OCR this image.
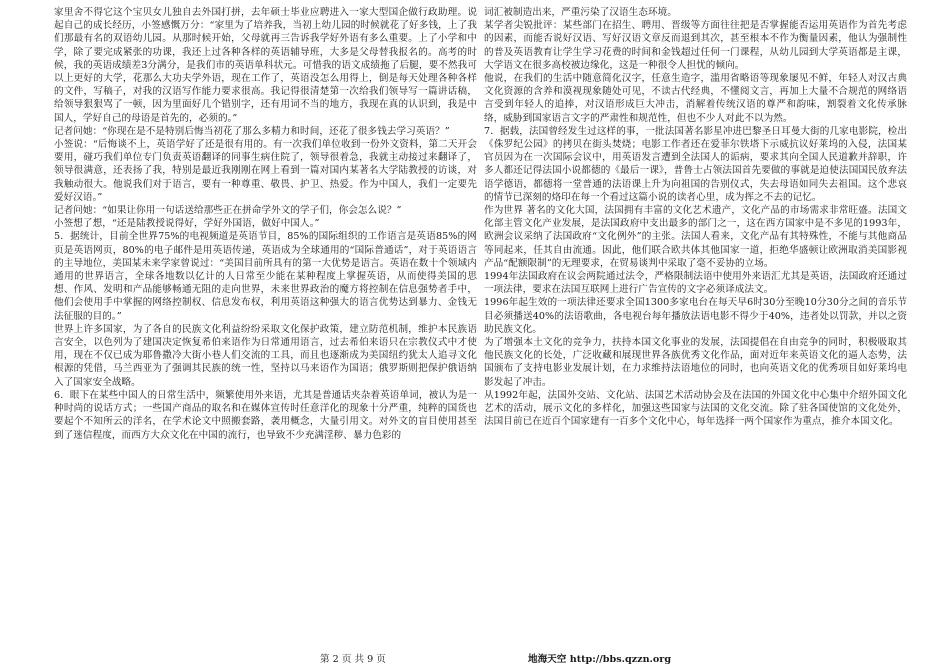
家里舍不得它这个宝贝女儿独自去外国打拼，去年硕士毕业应聘进入一家大型国企做行政助理。说起自己的成长经历，小签感慨万分：“家里为了培养我，当初上幼儿园的时候就花了好多钱，上了我们那最有名的双语幼儿园。从那时候开始，父母就再三告诉我学好外语有多么重要。上了小学和中学，除了要完成紧张的功课，我还上过各种各样的英语辅导班，大多是父母替我报名的。高考的时候，我的英语成绩差3分满分，是我们市的英语单科状元。可惜我的语文成绩拖了后腿，要不然我可以上更好的大学，花那么大功夫学外语，现在工作了，英语没怎么用得上，倒是每天处理各种各样的文件，写稿子，对我的汉语写作能力要求很高。我记得很清楚第一次给我们领导写一篇讲话稿，给领导狠狠骂了一顿，因为里面好几个错别字，还有用词不当的地方，我现在真的认识到，我是中国人，学好自己的母语是首先的，必须的。”

记者问她：“你现在是不是特别后悔当初花了那么多精力和时间，还花了很多钱去学习英语？”

小签说：“后悔谈不上，英语学好了还是很有用的。有一次我们单位收到一份外文资料，第二天开会要用，碰巧我们单位专门负责英语翻译的同事生病住院了，领导很着急，我就主动接过来翻译了，领导很满意，还表扬了我，特别是最近我刚刚在网上看到一篇对国内某著名大学陆教授的访谈，对我触动很大。他说我们对于语言，要有一种尊重、敬畏、护卫、热爱。作为中国人，我们一定要先爱好汉语。”

记者问她：“如果让你用一句话送给那些正在拼命学外文的学子们，你会怎么说？”

小签想了想，“还是陆教授说得好，学好外国语，做好中国人。”

5．据统计，目前全世界75%的电视频道是英语节目，85%的国际组织的工作语言是英语85%的网页是英语网页，80%的电子邮件是用英语传递，英语成为全球通用的“国际普通话”，对于英语语言的主导地位，美国某未来学家曾说过：“美国目前所具有的第一大优势是语言。英语在数十个领域内通用的世界语言，全球各地数以亿计的人日常至少能在某种程度上掌握英语，从而使得美国的思想、作风、发明和产品能够畅通无阻的走向世界，未来世界政治的魔方将控制在信息强势者手中，他们会使用手中掌握的网络控制权、信息发布权，利用英语这种强大的语言优势达到暴力、金钱无法征服的目的。”

世界上许多国家，为了各自的民族文化利益纷纷采取文化保护政策，建立防范机制，维护本民族语言安全，以色列为了建国决定恢复希伯来语作为日常通用语言，过去希伯来语只在宗教仪式中才使用，现在不仅已成为耶鲁撒冷大街小巷人们交流的工具，而且也逐渐成为美国纽约犹太人追寻文化根源的凭借，马兰西亚为了强调其民族的统一性，坚持以马来语作为国语；俄罗斯则把保护俄语纳入了国家安全战略。

6．眼下在某些中国人的日常生活中，频繁使用外来语，尤其是普通话夹杂着英语单词，被认为是一种时尚的说话方式；一些国产商品的取名和在媒体宣传时任意洋化的现象十分严重，纯粹的国货也要起个不知所云的洋名，在学术论文中照搬套路，袭用概念，大量引用文。对外文的盲目使用甚至到了迷信程度，而西方大众文化在中国的流行，也导致不少充满淫秽、暴力色彩的

词汇被制造出来，严重污染了汉语生态环境。

某学者尖锐批评：某些部门在招生、聘用、晋级等方面往往把是否掌握能否运用英语作为首先考虑的因素，而能否说好汉语、写好汉语文章反而退到其次，甚至根本不作为衡量因素，他认为强制性的普及英语教育让学生学习花费的时间和金钱超过任何一门课程，从幼儿园到大学英语都是主课，大学语文在很多高校被边缘化，这是一种很令人担忧的倾向。

他说，在我们的生活中随意简化汉字，任意生造字，滥用省略语等现象屡见不鲜，年轻人对汉古典文化资源的含养和漠视现象随处可见，不读古代经典，不懂阅文言，再加上大量不合规范的网络语言受到年轻人的追捧，对汉语形成巨大冲击，消解着传统汉语的尊严和韵味，割裂着文化传承脉络，威胁到国家语言文字的严肃性和规范性，但也不少人对此不以为然。

7．据载，法国曾经发生过这样的事，一批法国著名影星冲进巴黎圣日耳曼大街的几家电影院，检出《侏罗纪公园》的拷贝在街头焚烧；电影工作者还在爱菲尔铁塔下示威抗议好莱坞的入侵，法国某官员因为在一次国际会议中，用英语发言遭到全法国人的诟病，要求其向全国人民道歉并辞职，许多人都还记得法国小说都德的《最后一课》，普鲁士占领法国首先要做的事就是迫使法国国民放弃法语学德语，都德将一堂普通的法语课上升为向祖国的告别仪式，失去母语如同失去祖国。这个悲哀的情节已深刻的烙印在每一个看过这篇小说的读者心里，成为挥之不去的记忆。

作为世界 著名的文化大国，法国拥有丰富的文化艺术遗产，文化产品的市场需求非常旺盛。法国文化部主管文化产业发展，是法国政府中支出最多的部门之一，这在西方国家中是不多见的1993年，欧洲会议采纳了法国政府“文化例外”的主张。法国人看来，文化产品有其特殊性，不能与其他商品等同起来，任其自由流通。因此，他们联合欧共体其他国家一道，拒绝华盛顿让欧洲取消美国影视产品“配额限制”的无理要求，在贸易谈判中采取了毫不妥协的立场。

1994年法国政府在议会两院通过法令，严格限制法语中使用外来语汇尤其是英语，法国政府还通过一项法律，要求在法国互联网上进行广告宣传的文字必须译成法文。

1996年起生效的一项法律还要求全国1300多家电台在每天早6时30分至晚10分30分之间的音乐节目必须播送40%的法语歌曲，各电视台每年播放法语电影不得少于40%，违者处以罚款，并以之资助民族文化。

为了增强本土文化的竞争力，扶持本国文化事业的发展，法国提倡在自由竞争的同时，积极吸取其他民族文化的长处，广泛收藏和展现世界各族优秀文化作品，面对近年来英语文化的逼人态势，法国颁布了支持电影业发展计划，在力求维持法语地位的同时，也向英语文化的优秀项目如好莱坞电影发起了冲击。

从1992年起，法国外交站、文化站、法国艺术活动协会及在法国的外国文化中心集中介绍外国文化艺术的活动，展示文化的多样化，加强这些国家与法国的文化交流。除了驻各国使馆的文化处外，法国目前已在近百个国家建有一百多个文化中心，每年选择一两个国家作为重点，推介本国文化。

第 2 页 共 9 页	地海天空 http://bbs.qzzn.org
